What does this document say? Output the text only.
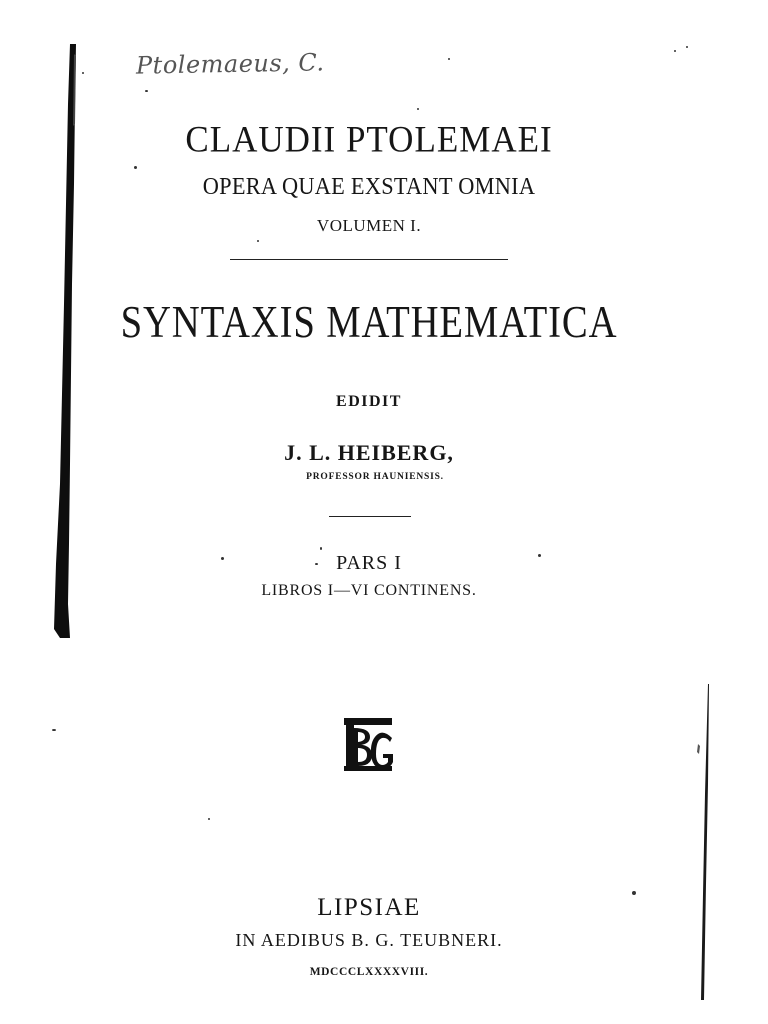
Ptolemaeus, C.
CLAUDII PTOLEMAEI
OPERA QUAE EXSTANT OMNIA
VOLUMEN I.
SYNTAXIS MATHEMATICA
EDIDIT
J. L. HEIBERG,
PROFESSOR HAUNIENSIS.
PARS I
LIBROS I—VI CONTINENS.
LIPSIAE
IN AEDIBUS B. G. TEUBNERI.
MDCCCLXXXXVIII.
